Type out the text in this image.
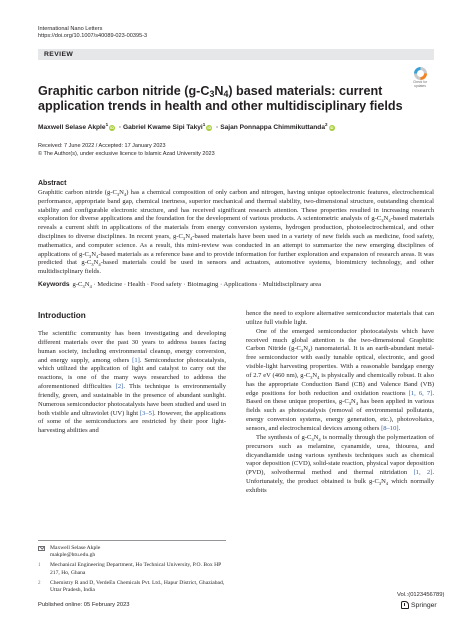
International Nano Letters
https://doi.org/10.1007/s40089-023-00395-3
REVIEW
Check for
updates
Graphitic carbon nitride $(g-C_3N_4)$ based materials: current application trends in health and other multidisciplinary fields
Maxwell Selase Akple$^1$iD · Gabriel Kwame Sipi Takyi$^1$iD · Sajan Ponnappa Chimmikuttanda$^2$iD
Received: 7 June 2022 / Accepted: 17 January 2023
© The Author(s), under exclusive licence to Islamic Azad University 2023
Abstract

Graphitic carbon nitride $(g-C_3N_4)$ has a chemical composition of only carbon and nitrogen, having unique optoelectronic features, electrochemical performance, appropriate band gap, chemical inertness, superior mechanical and thermal stability, two-dimensional structure, outstanding chemical stability and configurable electronic structure, and has received significant research attention. These properties resulted in increasing research exploration for diverse applications and the foundation for the development of various products. A scientometric analysis of $g-C_3N_4$-based materials reveals a current shift in applications of the materials from energy conversion systems, hydrogen production, photoelectrochemical, and other disciplines to diverse disciplines. In recent years, $g-C_3N_4$-based materials have been used in a variety of new fields such as medicine, food safety, mathematics, and computer science. As a result, this mini-review was conducted in an attempt to summarize the new emerging disciplines of applications of $g-C_3N_4$-based materials as a reference base and to provide information for further exploration and expansion of research areas. It was predicted that $g-C_3N_4$-based materials could be used in sensors and actuators, automotive systems, biomimicry technology, and other multidisciplinary fields.

Keywords $g-C_3N_4$ · Medicine · Health · Food safety · Bioimaging · Applications · Multidisciplinary area
Introduction

The scientific community has been investigating and developing different materials over the past 30 years to address issues facing human society, including environmental cleanup, energy conversion, and energy supply, among others [1]. Semiconductor photocatalysis, which utilized the application of light and catalyst to carry out the reactions, is one of the many ways researched to address the aforementioned difficulties [2]. This technique is environmentally friendly, green, and sustainable in the presence of abundant sunlight. Numerous semiconductor photocatalysts have been studied and used in both visible and ultraviolet (UV) light [3–5]. However, the applications of some of the semiconductors are restricted by their poor light-harvesting abilities and

hence the need to explore alternative semiconductor materials that can utilize full visible light.

One of the emerged semiconductor photocatalysts which have received much global attention is the two-dimensional Graphitic Carbon Nitride $(g-C_3N_4)$ nanomaterial. It is an earth-abundant metal-free semiconductor with easily tunable optical, electronic, and good visible-light harvesting properties. With a reasonable bandgap energy of 2.7 eV (460 nm), $g-C_3N_4$ is physically and chemically robust. It also has the appropriate Conduction Band (CB) and Valence Band (VB) edge positions for both reduction and oxidation reactions [1, 6, 7]. Based on these unique properties, $g-C_3N_4$ has been applied in various fields such as photocatalysis (removal of environmental pollutants, energy conversion systems, energy generation, etc.), photovoltaics, sensors, and electrochemical devices among others [8–10].

The synthesis of $g-C_3N_4$ is normally through the polymerization of precursors such as melamine, cyanamide, urea, thiourea, and dicyandiamide using various synthesis techniques such as chemical vapor deposition (CVD), solid-state reaction, physical vapor deposition (PVD), solvothermal method and thermal nitridation [1, 2]. Unfortunately, the product obtained is bulk $g-C_3N_4$ which normally exhibits

Maxwell Selase Akple
makple@htu.edu.gh
1	Mechanical Engineering Department, Ho Technical University, P.O. Box HP 217, Ho, Ghana
2	Chemistry R and D, VerdeEn Chemicals Pvt. Ltd., Hapur District, Ghaziabad, Uttar Pradesh, India
Published online: 05 February 2023
Vol.:(0123456789)
Springer
